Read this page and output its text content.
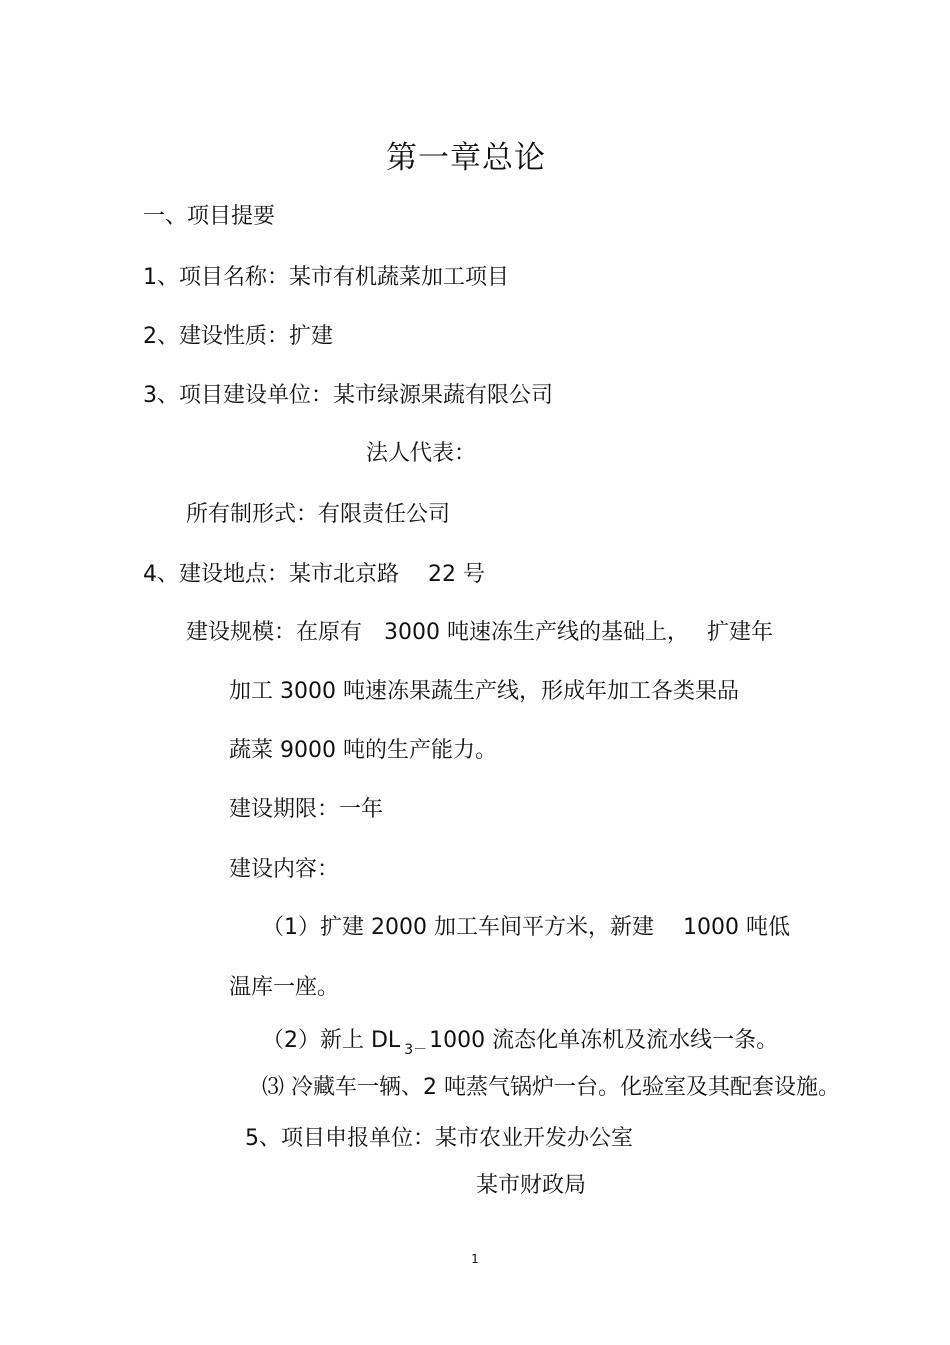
第一章总论
一、项目提要
1、项目名称：某市有机蔬菜加工项目
2、建设性质：扩建
3、项目建设单位：某市绿源果蔬有限公司
法人代表：
所有制形式：有限责任公司
4、建设地点：某市北京路　 22 号
建设规模：在原有　3000 吨速冻生产线的基础上，　 扩建年
加工 3000 吨速冻果蔬生产线，形成年加工各类果品
蔬菜 9000 吨的生产能力。
建设期限：一年
建设内容：
（1）扩建 2000 加工车间平方米，新建　 1000 吨低
温库一座。
（2）新上 DL $_{3-}$1000 流态化单冻机及流水线一条。
⑶ 冷藏车一辆、2 吨蒸气锅炉一台。化验室及其配套设施。
5、项目申报单位：某市农业开发办公室
某市财政局
1
